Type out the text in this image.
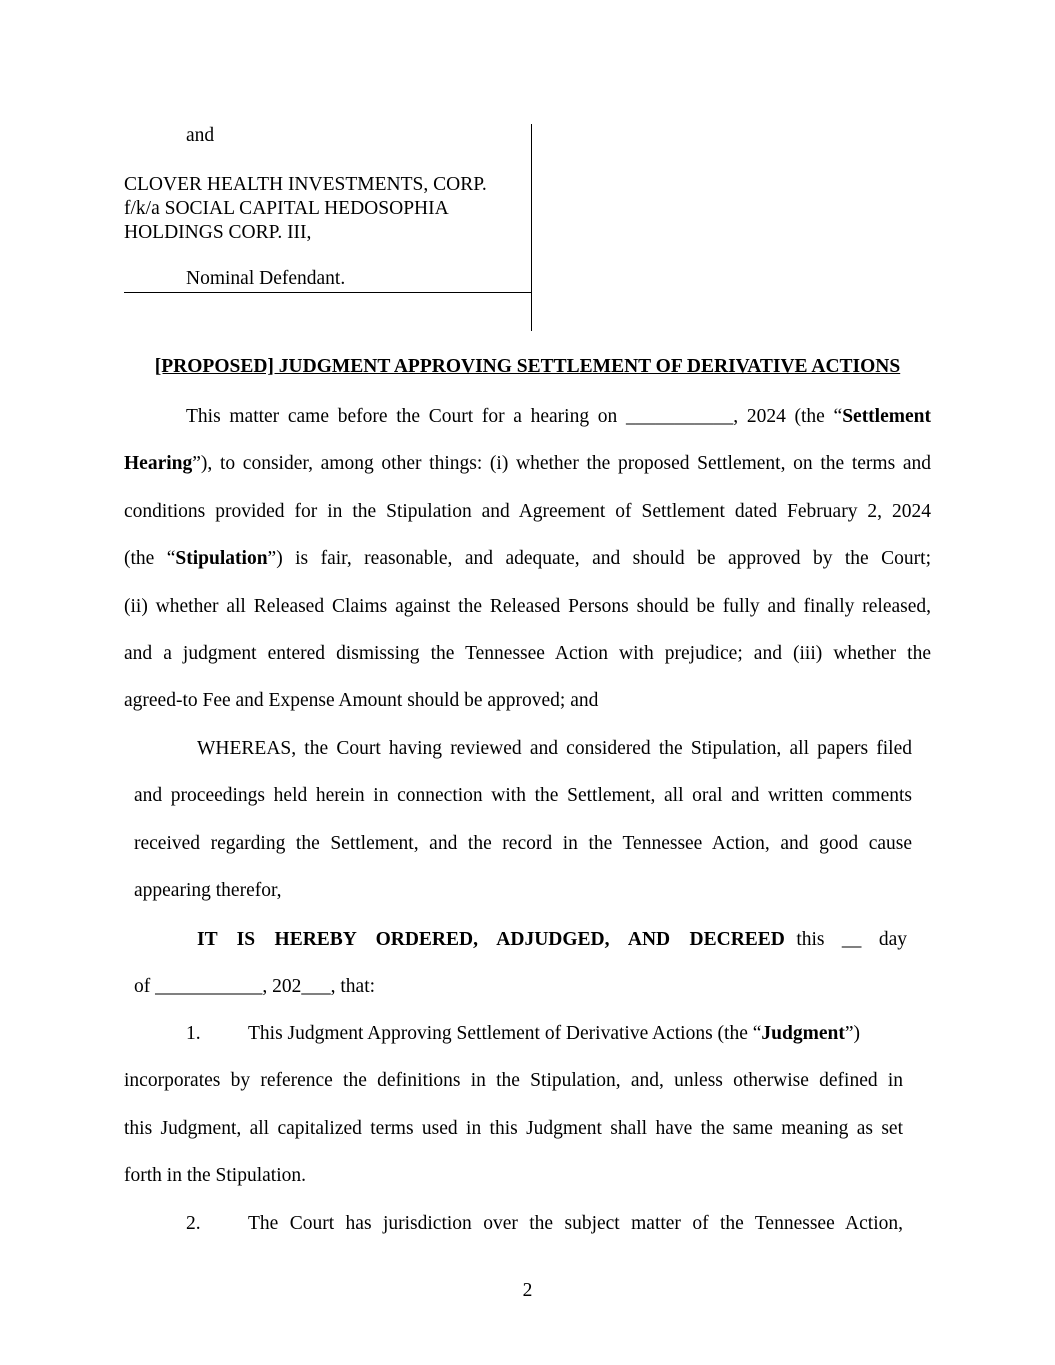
and
CLOVER HEALTH INVESTMENTS, CORP.
f/k/a SOCIAL CAPITAL HEDOSOPHIA
HOLDINGS CORP. III,
Nominal Defendant.
[PROPOSED] JUDGMENT APPROVING SETTLEMENT OF DERIVATIVE ACTIONS
This matter came before the Court for a hearing on ___________, 2024 (the “Settlement
Hearing”), to consider, among other things: (i) whether the proposed Settlement, on the terms and
conditions provided for in the Stipulation and Agreement of Settlement dated February 2, 2024
(the “Stipulation”) is fair, reasonable, and adequate, and should be approved by the Court;
(ii) whether all Released Claims against the Released Persons should be fully and finally released,
and a judgment entered dismissing the Tennessee Action with prejudice; and (iii) whether the
agreed-to Fee and Expense Amount should be approved; and
WHEREAS, the Court having reviewed and considered the Stipulation, all papers filed
and proceedings held herein in connection with the Settlement, all oral and written comments
received regarding the Settlement, and the record in the Tennessee Action, and good cause
appearing therefor,
IT IS HEREBY ORDERED, ADJUDGED, AND DECREED this __ day
of ___________, 202___, that:
1. This Judgment Approving Settlement of Derivative Actions (the “Judgment”)
incorporates by reference the definitions in the Stipulation, and, unless otherwise defined in
this Judgment, all capitalized terms used in this Judgment shall have the same meaning as set
forth in the Stipulation.
2. The Court has jurisdiction over the subject matter of the Tennessee Action,
2
